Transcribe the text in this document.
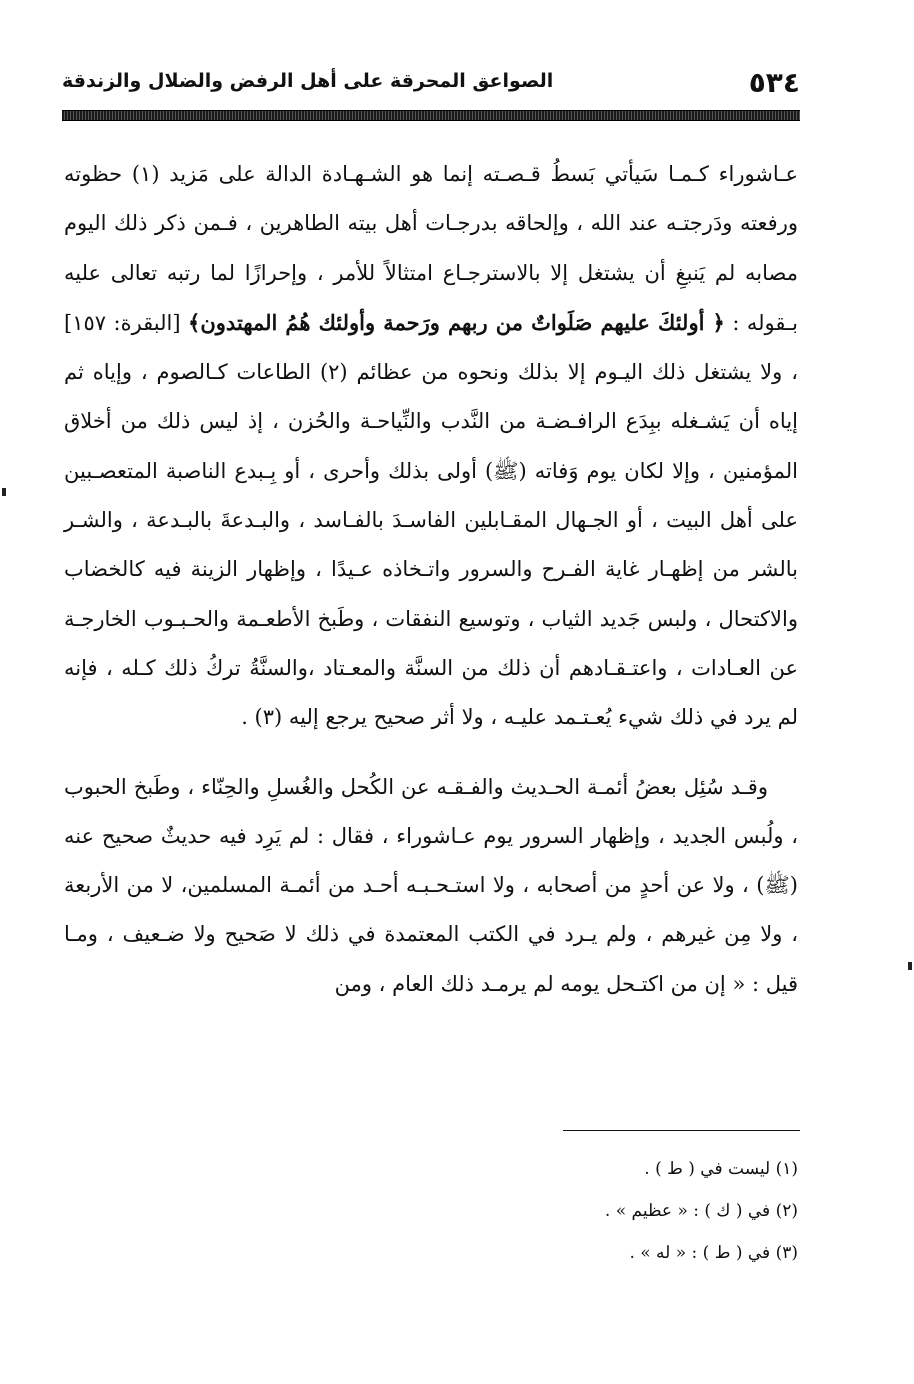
٥٣٤
الصواعق المحرقة على أهل الرفض والضلال والزندقة

عـاشوراء كـمـا سَيأتي بَسطُ قـصـته إنما هو الشـهـادة الدالة على مَزيد (١) حظوته ورفعته ودَرجتـه عند الله ، وإلحاقه بدرجـات أهل بيته الطاهرين ، فـمن ذكر ذلك اليوم مصابه لم يَنبغِ أن يشتغل إلا بالاسترجـاع امتثالاً للأمر ، وإحرازًا لما رتبه تعالى عليه بـقوله : ﴿ أولئكَ عليهم صَلَواتٌ من ربهم ورَحمة وأولئك هُمُ المهتدون﴾ [البقرة: ١٥٧] ، ولا يشتغل ذلك اليـوم إلا بذلك ونحوه من عظائم (٢) الطاعات كـالصوم ، وإياه ثم إياه أن يَشـغله ببِدَع الرافـضـة من النَّدب والنِّياحـة والحُزن ، إذ ليس ذلك من أخلاق المؤمنين ، وإلا لكان يوم وَفاته (ﷺ) أولى بذلك وأحرى ، أو بِـبدع الناصبة المتعصـبين على أهل البيت ، أو الجـهال المقـابلين الفاسـدَ بالفـاسد ، والبـدعةَ بالبـدعة ، والشـر بالشر من إظهـار غاية الفـرح والسرور واتـخاذه عـيدًا ، وإظهار الزينة فيه كالخضاب والاكتحال ، ولبس جَديد الثياب ، وتوسيع النفقات ، وطَبخ الأطعـمة والحـبـوب الخارجـة عن العـادات ، واعتـقـادهم أن ذلك من السنَّة والمعـتاد ،والسنَّةُ تركُ ذلك كـله ، فإنه لم يرد في ذلك شيء يُعـتـمد عليـه ، ولا أثر صحيح يرجع إليه (٣) .

وقـد سُئِل بعضُ أئمـة الحـديث والفـقـه عن الكُحل والغُسلِ والحِنّاء ، وطَبخ الحبوب ، ولُبس الجديد ، وإظهار السرور يوم عـاشوراء ، فقال : لم يَرِد فيه حديثٌ صحيح عنه (ﷺ) ، ولا عن أحدٍ من أصحابه ، ولا استـحـبـه أحـد من أئمـة المسلمين، لا من الأربعة ، ولا مِن غيرهم ، ولم يـرد في الكتب المعتمدة في ذلك لا صَحيح ولا ضـعيف ، ومـا قيل : « إن من اكتـحل يومه لم يرمـد ذلك العام ، ومن

(١) ليست في ( ط ) .
(٢) في ( ك ) : « عظيم » .
(٣) في ( ط ) : « له » .
